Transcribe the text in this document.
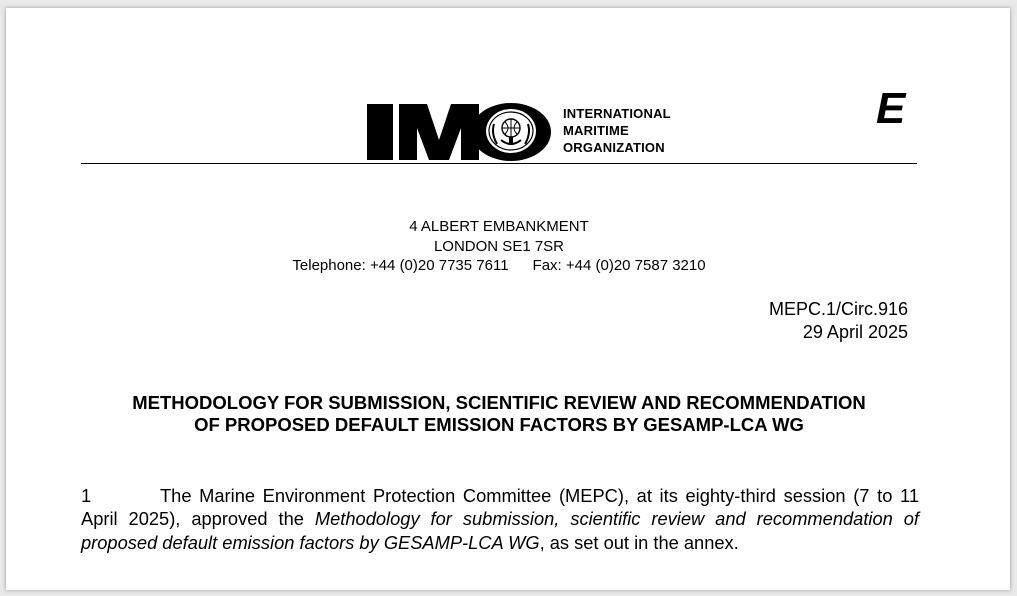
INTERNATIONAL
MARITIME
ORGANIZATION
E
4 ALBERT EMBANKMENT
LONDON SE1 7SR
Telephone: +44 (0)20 7735 7611 Fax: +44 (0)20 7587 3210
MEPC.1/Circ.916
29 April 2025
METHODOLOGY FOR SUBMISSION, SCIENTIFIC REVIEW AND RECOMMENDATION
OF PROPOSED DEFAULT EMISSION FACTORS BY GESAMP-LCA WG
1	The Marine Environment Protection Committee (MEPC), at its eighty-third session (7 to 11 April 2025), approved the Methodology for submission, scientific review and recommendation of proposed default emission factors by GESAMP-LCA WG, as set out in the annex.
